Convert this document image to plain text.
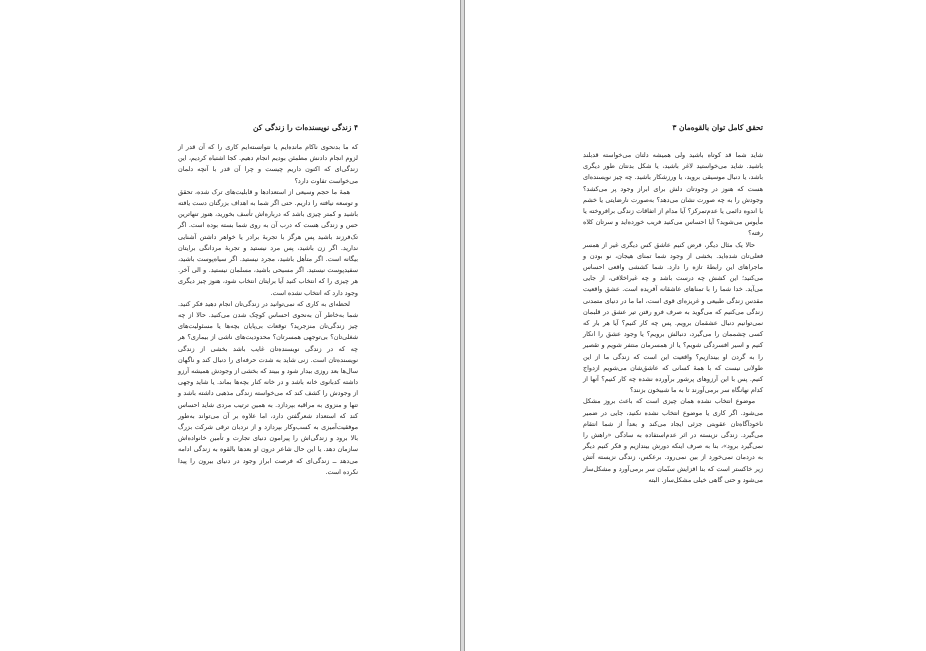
۴ زندگی نویسنده‌ات را زندگی کن

که ما بدنحوی ناکام مانده‌ایم یا نتوانسته‌ایم کاری را که آن قدر از لزوم انجام دادنش مطمئن بودیم انجام دهیم. کجا اشتباه کردیم، این زندگی‌ای که اکنون داریم چیست و چرا آن قدر با آنچه دلمان می‌خواست تفاوت دارد؟

همهٔ ما حجم وسیعی از استعدادها و قابلیت‌های ترک شده، تحقق و توسعه نیافته را داریم. حتی اگر شما به اهداف بزرگتان دست یافته باشید و کمتر چیزی باشد که درباره‌اش تأسف بخورید، هنوز تنهاترین حس و زندگی هست که درب آن به روی شما بسته بوده است. اگر تک‌فرزند باشید پس هرگز با تجربهٔ برادر یا خواهر داشتن آشنایی ندارید. اگر زن باشید، پس مرد نیستید و تجربهٔ مردانگی برایتان بیگانه است. اگر متأهل باشید، مجرد نیستید. اگر سیاه‌پوست باشید، سفیدپوست نیستید. اگر مسیحی باشید، مسلمان نیستید. و الی آخر. هر چیزی را که انتخاب کنید آیا برایتان انتخاب شود، هنوز چیز دیگری وجود دارد که انتخاب نشده است.

لحظه‌ای به کاری که نمی‌توانید در زندگی‌تان انجام دهید فکر کنید. شما به‌خاطر آن به‌نحوی احساس کوچک شدن می‌کنید. حالا از چه چیز زندگی‌تان منزجرید؟ توقعات بی‌پایان بچه‌ها یا مسئولیت‌های شغلی‌تان؟ بی‌توجهی همسرتان؟ محدودیت‌های ناشی از بیماری؟ هر چه که در زندگی نویسنده‌تان غایب باشد بخشی از زندگی نویسنده‌تان است. زنی شاید به شدت حرفه‌ای را دنبال کند و ناگهان سال‌ها بعد روزی بیدار شود و ببیند که بخشی از وجودش همیشه آرزو داشته کدبانوی خانه باشد و در خانه کنار بچه‌ها بماند. یا شاید وجهی از وجودش را کشف کند که می‌خواسته زندگی مذهبی داشته باشد و تنها و منزوی به مراقبه بپردازد. به همین ترتیب مردی شاید احساس کند که استعداد شعرگفتن دارد، اما علاوه بر آن می‌تواند به‌طور موفقیت‌آمیزی به کسب‌وکار بپردازد و از نردبان ترقی شرکت بزرگ بالا برود و زندگی‌اش را پیرامون دنیای تجارت و تأمین خانواده‌اش سازمان دهد. یا این حال شاعر درون او بعدها بالقوه به زندگی ادامه می‌دهد ــ زندگی‌ای که فرصت ابراز وجود در دنیای بیرون را پیدا نکرده است.

تحقق کامل توان بالقوه‌مان ۳

شاید شما قد کوتاه باشید ولی همیشه دلتان می‌خواسته قدبلند باشید. شاید می‌خواستید لاغر باشید، یا شکل بدنتان طور دیگری باشد، یا دنبال موسیقی بروید، یا ورزشکار باشید. چه چیز نویسنده‌ای هست که هنوز در وجودتان دلش برای ابراز وجود پر می‌کشد؟ وجودش را به چه صورت نشان می‌دهد؟ به‌صورت نارضایتی یا خشم یا اندوه دائمی یا عدم‌تمرکز؟ آیا مدام از اتفاقات زندگی برافروخته یا مأیوس می‌شوید؟ آیا احساس می‌کنید فریب خورده‌اید و سرتان کلاه رفته؟

حالا یک مثال دیگر، فرض کنیم عاشق کس دیگری غیر از همسر فعلی‌تان شده‌اید. بخشی از وجود شما تمنای هیجان، نو بودن و ماجراهای این رابطهٔ تازه را دارد. شما کششی واقعی احساس می‌کنید؛ این کشش چه درست باشد و چه غیراخلاقی، از جایی می‌آید. خدا شما را با تمناهای عاشقانه آفریده است. عشق واقعیت مقدس زندگی طبیعی و غریزه‌ای قوی است، اما ما در دنیای متمدنی زندگی می‌کنیم که می‌گوید به صرف فرو رفتن تیر عشق در قلبمان نمی‌توانیم دنبال عشقمان برویم. پس چه کار کنیم؟ آیا هر بار که کسی چشممان را می‌گیرد، دنبالش برویم؟ یا وجود عشق را انکار کنیم و اسیر افسردگی شویم؟ یا از همسرمان منتفر شویم و تقصیر را به گردن او بیندازیم؟ واقعیت این است که زندگی ما از این طولانی نیست که با همهٔ کسانی که عاشق‌شان می‌شویم ازدواج کنیم. پس با این آرزوهای پرشور برآورده نشده چه کار کنیم؟ آنها از کدام نهانگاه سر برمی‌آورند تا به ما شبیخون بزنند؟

موضوع انتخاب نشده همان چیزی است که باعث بروز مشکل می‌شود. اگر کاری یا موضوع انتخاب نشده نکنید، جایی در ضمیر ناخودآگاه‌تان عقوبتی جزئی ایجاد می‌کند و بعداً از شما انتقام می‌گیرد. زندگی نزیسته در اثر عدم‌استفاده به سادگی «راهش را نمی‌گیرد برود»، بنا به صرف اینکه دورش بیندازیم و فکر کنیم دیگر به دردمان نمی‌خورد از بین نمی‌رود. برعکس، زندگی نزیسته آتش زیر خاکستر است که بنا افزایش سنّمان سر برمی‌آورد و مشکل‌ساز می‌شود و حتی گاهی خیلی مشکل‌ساز. البته
